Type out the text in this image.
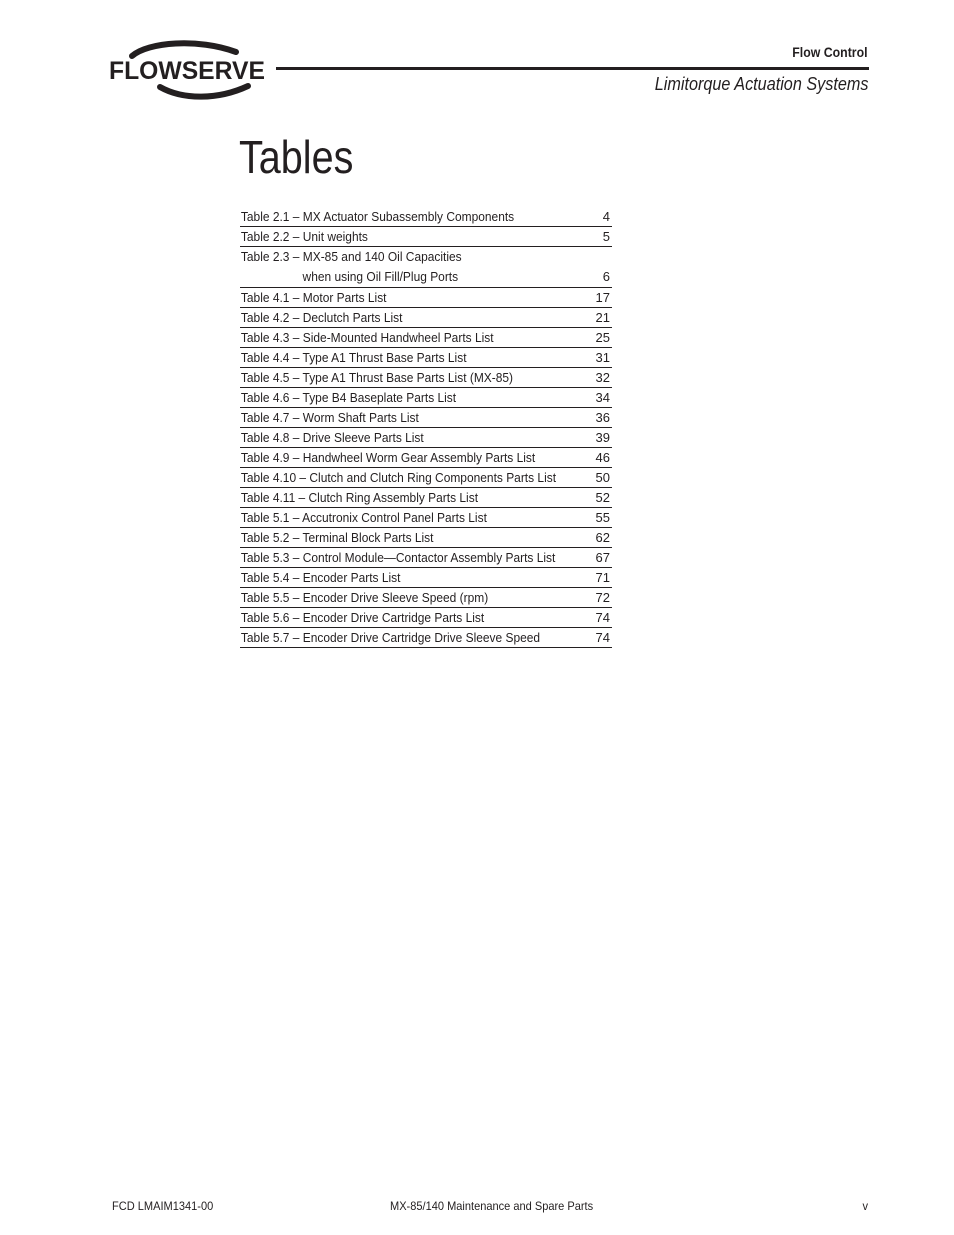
FLOWSERVE
Flow Control
Limitorque Actuation Systems
Tables
Table 2.1 – MX Actuator Subassembly Components	4
Table 2.2 – Unit weights	5
Table 2.3 – MX-85 and 140 Oil Capacities
when using Oil Fill/Plug Ports	6
Table 4.1 – Motor Parts List	17
Table 4.2 – Declutch Parts List	21
Table 4.3 – Side-Mounted Handwheel Parts List	25
Table 4.4 – Type A1 Thrust Base Parts List	31
Table 4.5 – Type A1 Thrust Base Parts List (MX-85)	32
Table 4.6 – Type B4 Baseplate Parts List	34
Table 4.7 – Worm Shaft Parts List	36
Table 4.8 – Drive Sleeve Parts List	39
Table 4.9 – Handwheel Worm Gear Assembly Parts List	46
Table 4.10 – Clutch and Clutch Ring Components Parts List	50
Table 4.11 – Clutch Ring Assembly Parts List	52
Table 5.1 – Accutronix Control Panel Parts List	55
Table 5.2 – Terminal Block Parts List	62
Table 5.3 – Control Module—Contactor Assembly Parts List	67
Table 5.4 – Encoder Parts List	71
Table 5.5 – Encoder Drive Sleeve Speed (rpm)	72
Table 5.6 – Encoder Drive Cartridge Parts List	74
Table 5.7 – Encoder Drive Cartridge Drive Sleeve Speed	74
FCD LMAIM1341-00	MX-85/140 Maintenance and Spare Parts	v
